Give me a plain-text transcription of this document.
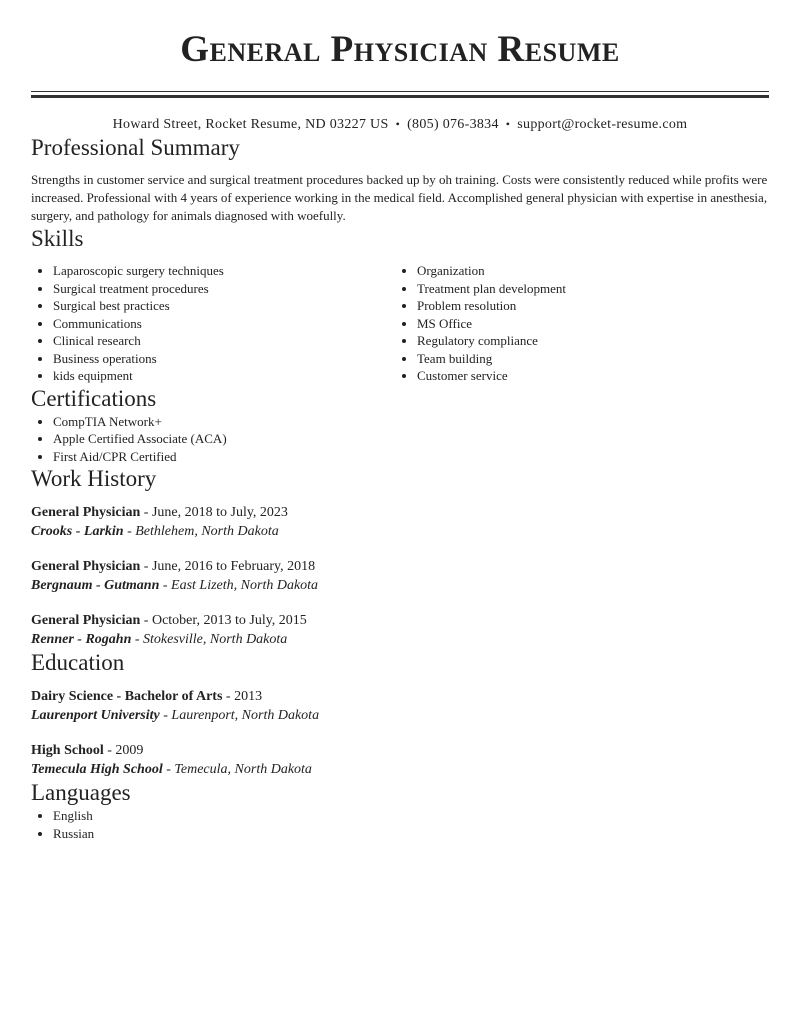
General Physician Resume
Howard Street, Rocket Resume, ND 03227 US • (805) 076-3834 • support@rocket-resume.com
Professional Summary
Strengths in customer service and surgical treatment procedures backed up by oh training. Costs were consistently reduced while profits were increased. Professional with 4 years of experience working in the medical field. Accomplished general physician with expertise in anesthesia, surgery, and pathology for animals diagnosed with woefully.
Skills
• Laparoscopic surgery techniques
• Surgical treatment procedures
• Surgical best practices
• Communications
• Clinical research
• Business operations
• kids equipment
• Organization
• Treatment plan development
• Problem resolution
• MS Office
• Regulatory compliance
• Team building
• Customer service
Certifications
• CompTIA Network+
• Apple Certified Associate (ACA)
• First Aid/CPR Certified
Work History
General Physician - June, 2018 to July, 2023
Crooks - Larkin - Bethlehem, North Dakota
General Physician - June, 2016 to February, 2018
Bergnaum - Gutmann - East Lizeth, North Dakota
General Physician - October, 2013 to July, 2015
Renner - Rogahn - Stokesville, North Dakota
Education
Dairy Science - Bachelor of Arts - 2013
Laurenport University - Laurenport, North Dakota
High School - 2009
Temecula High School - Temecula, North Dakota
Languages
• English
• Russian
